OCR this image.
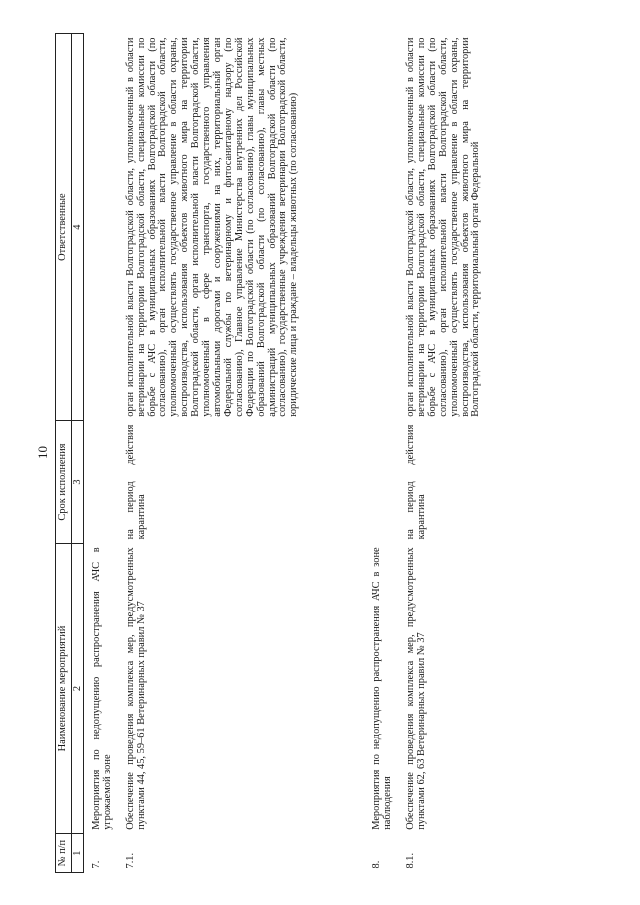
10
№ п/п	Наименование мероприятий	Срок исполнения	Ответственные
1	2	3	4
7.	Мероприятия по недопущению распространения АЧС в угрожаемой зоне		
7.1.	Обеспечение проведения комплекса мер, предусмотренных пунктами 44, 45, 59–61 Ветеринарных правил № 37	на период действия карантина	орган исполнительной власти Волгоградской области, уполномоченный в области ветеринарии на территории Волгоградской области, специальные комиссии по борьбе с АЧС в муниципальных образованиях Волгоградской области (по согласованию), орган исполнительной власти Волгоградской области, уполномоченный осуществлять государственное управление в области охраны, воспроизводства, использования объектов животного мира на территории Волгоградской области, орган исполнительной власти Волгоградской области, уполномоченный в сфере транспорта, государственного управления автомобильными дорогами и сооружениями на них, территориальный орган Федеральной службы по ветеринарному и фитосанитарному надзору (по согласованию), Главное управление Министерства внутренних дел Российской Федерации по Волгоградской области (по согласованию), главы муниципальных образований Волгоградской области (по согласованию), главы местных администраций муниципальных образований Волгоградской области (по согласованию), государственные учреждения ветеринарии Волгоградской области, юридические лица и граждане – владельцы животных (по согласованию)

8.	Мероприятия по недопущению распространения АЧС в зоне наблюдения		
8.1.	Обеспечение проведения комплекса мер, предусмотренных пунктами 62, 63 Ветеринарных правил № 37	на период действия карантина	орган исполнительной власти Волгоградской области, уполномоченный в области ветеринарии на территории Волгоградской области, специальные комиссии по борьбе с АЧС в муниципальных образованиях Волгоградской области (по согласованию), орган исполнительной власти Волгоградской области, уполномоченный осуществлять государственное управление в области охраны, воспроизводства, использования объектов животного мира на территории Волгоградской области, территориальный орган Федеральной
